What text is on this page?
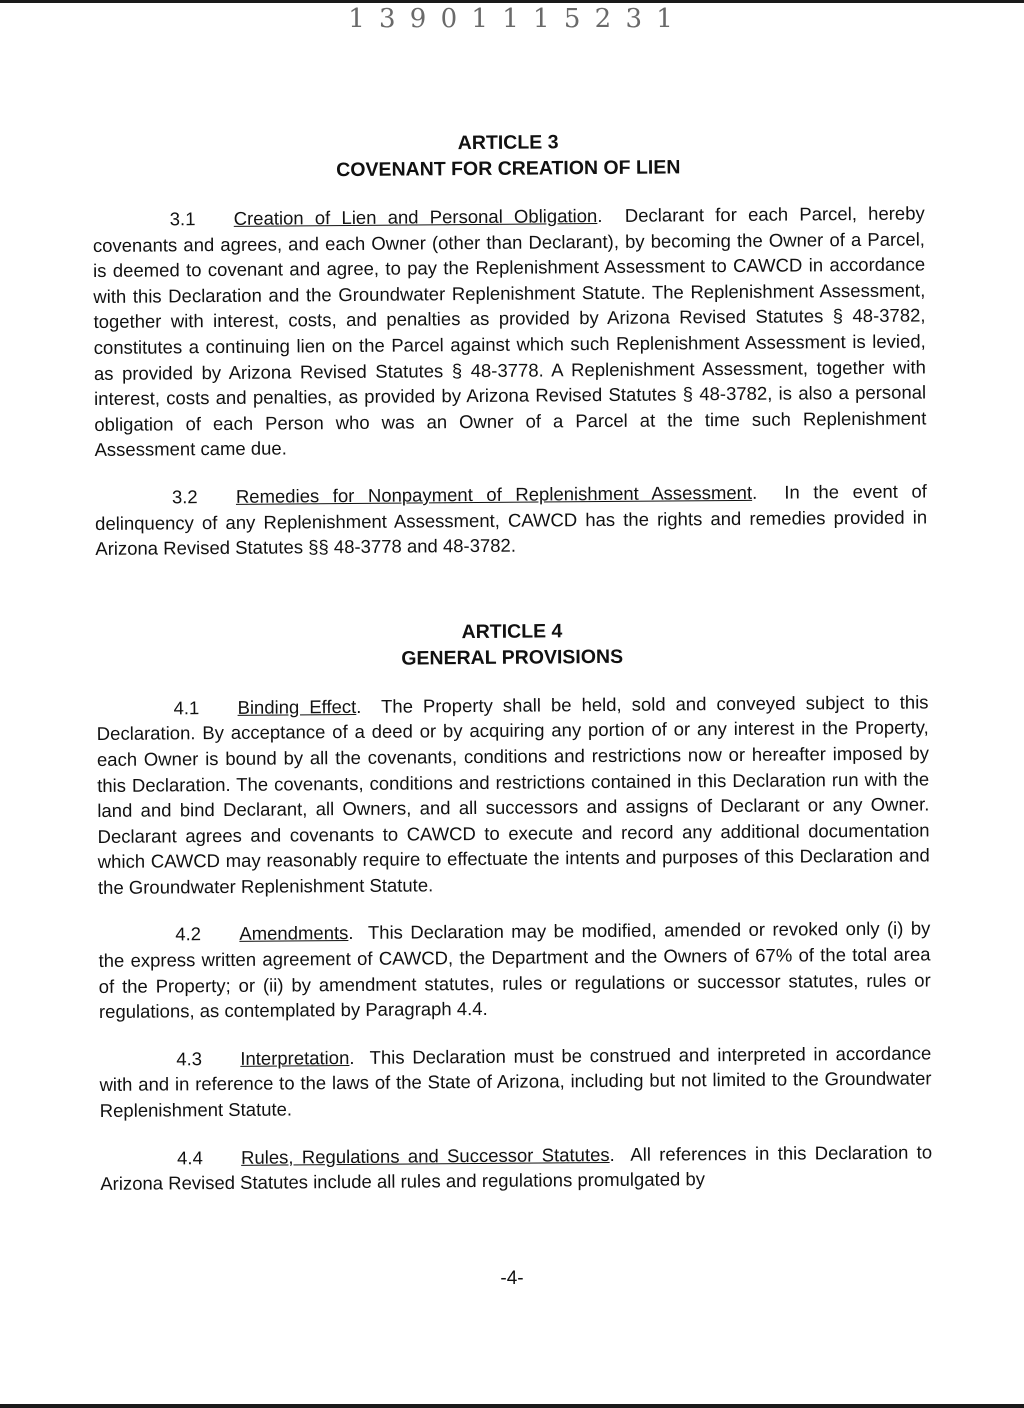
1 3 9 0 1 1 1 5 2 3 1
ARTICLE 3
COVENANT FOR CREATION OF LIEN

3.1 Creation of Lien and Personal Obligation.  Declarant for each Parcel, hereby covenants and agrees, and each Owner (other than Declarant), by becoming the Owner of a Parcel, is deemed to covenant and agree, to pay the Replenishment Assessment to CAWCD in accordance with this Declaration and the Groundwater Replenishment Statute. The Replenishment Assessment, together with interest, costs, and penalties as provided by Arizona Revised Statutes § 48-3782, constitutes a continuing lien on the Parcel against which such Replenishment Assessment is levied, as provided by Arizona Revised Statutes § 48-3778. A Replenishment Assessment, together with interest, costs and penalties, as provided by Arizona Revised Statutes § 48-3782, is also a personal obligation of each Person who was an Owner of a Parcel at the time such Replenishment Assessment came due.

3.2 Remedies for Nonpayment of Replenishment Assessment.  In the event of delinquency of any Replenishment Assessment, CAWCD has the rights and remedies provided in Arizona Revised Statutes §§ 48-3778 and 48-3782.

ARTICLE 4
GENERAL PROVISIONS

4.1 Binding Effect.  The Property shall be held, sold and conveyed subject to this Declaration. By acceptance of a deed or by acquiring any portion of or any interest in the Property, each Owner is bound by all the covenants, conditions and restrictions now or hereafter imposed by this Declaration. The covenants, conditions and restrictions contained in this Declaration run with the land and bind Declarant, all Owners, and all successors and assigns of Declarant or any Owner. Declarant agrees and covenants to CAWCD to execute and record any additional documentation which CAWCD may reasonably require to effectuate the intents and purposes of this Declaration and the Groundwater Replenishment Statute.

4.2 Amendments.  This Declaration may be modified, amended or revoked only (i) by the express written agreement of CAWCD, the Department and the Owners of 67% of the total area of the Property; or (ii) by amendment statutes, rules or regulations or successor statutes, rules or regulations, as contemplated by Paragraph 4.4.

4.3 Interpretation.  This Declaration must be construed and interpreted in accordance with and in reference to the laws of the State of Arizona, including but not limited to the Groundwater Replenishment Statute.

4.4 Rules, Regulations and Successor Statutes.  All references in this Declaration to Arizona Revised Statutes include all rules and regulations promulgated by

-4-
